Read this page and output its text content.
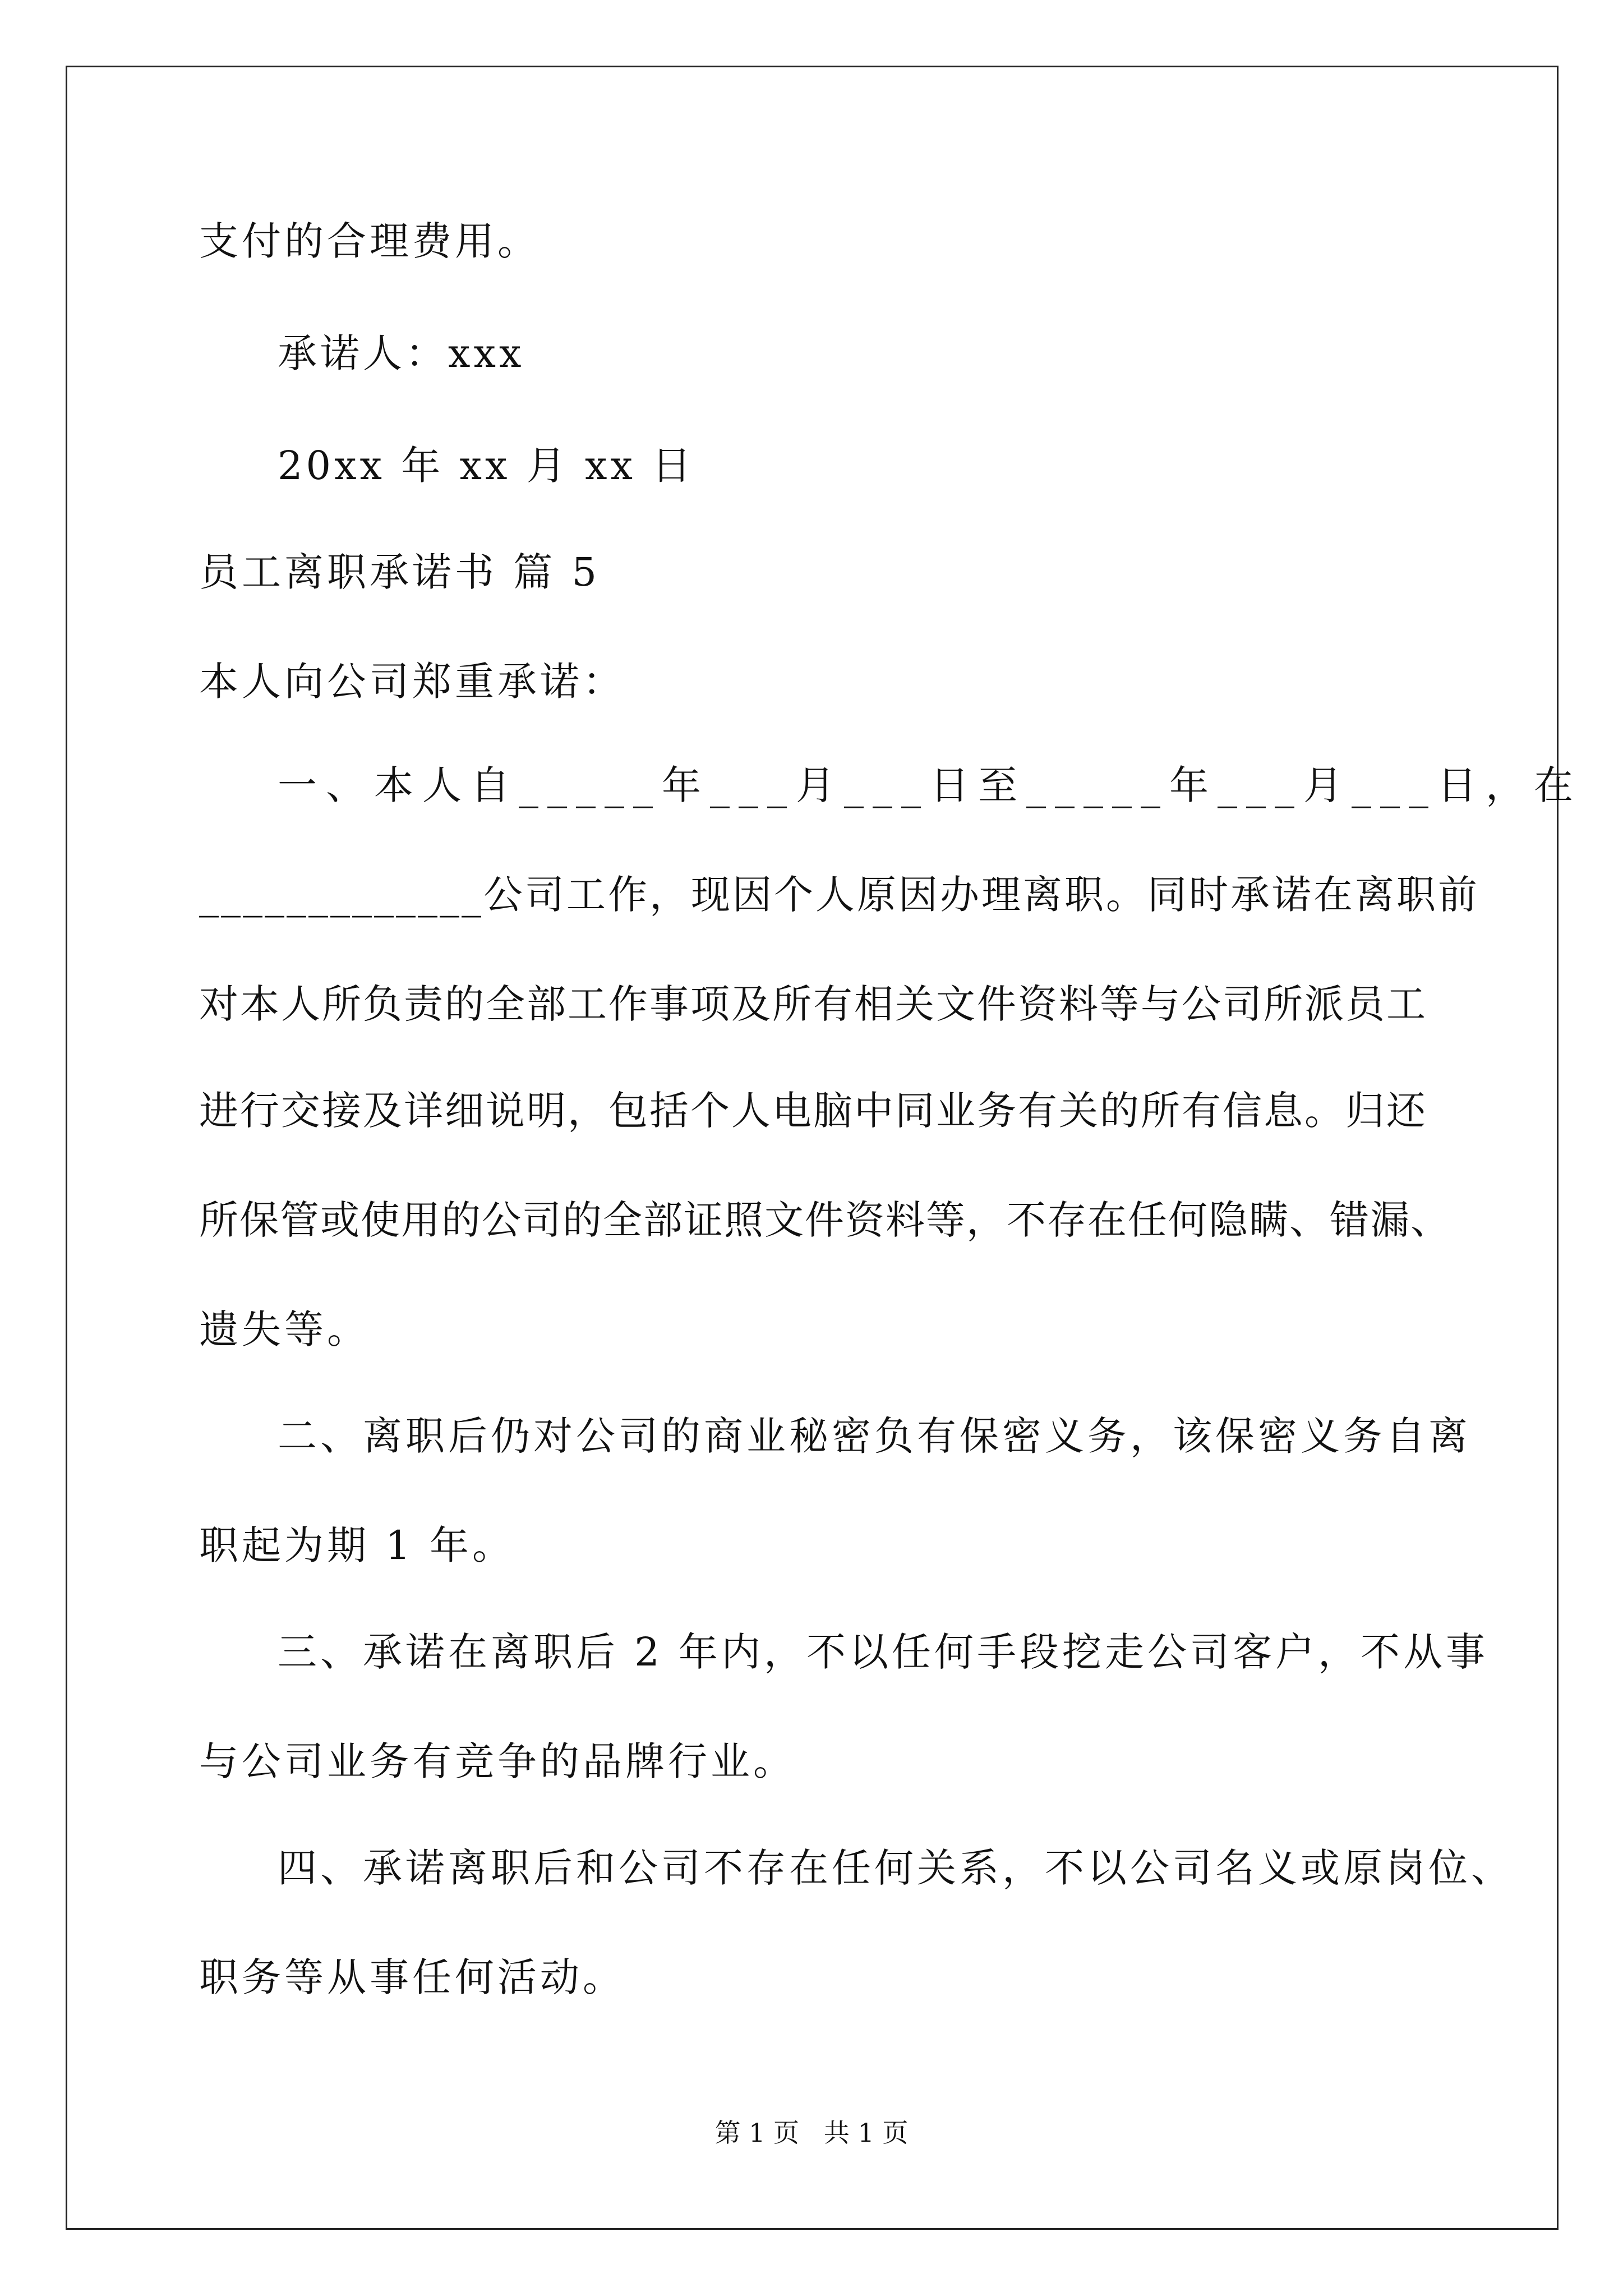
支付的合理费用。
承诺人：xxx
20xx 年 xx 月 xx 日
员工离职承诺书 篇 5
本人向公司郑重承诺：
一、本人自_____年___月___日至_____年___月___日，在
_____________公司工作，现因个人原因办理离职。同时承诺在离职前
对本人所负责的全部工作事项及所有相关文件资料等与公司所派员工
进行交接及详细说明，包括个人电脑中同业务有关的所有信息。归还
所保管或使用的公司的全部证照文件资料等，不存在任何隐瞒、错漏、
遗失等。
二、离职后仍对公司的商业秘密负有保密义务，该保密义务自离
职起为期 1 年。
三、承诺在离职后 2 年内，不以任何手段挖走公司客户，不从事
与公司业务有竞争的品牌行业。
四、承诺离职后和公司不存在任何关系，不以公司名义或原岗位、
职务等从事任何活动。
第 1 页   共 1 页
